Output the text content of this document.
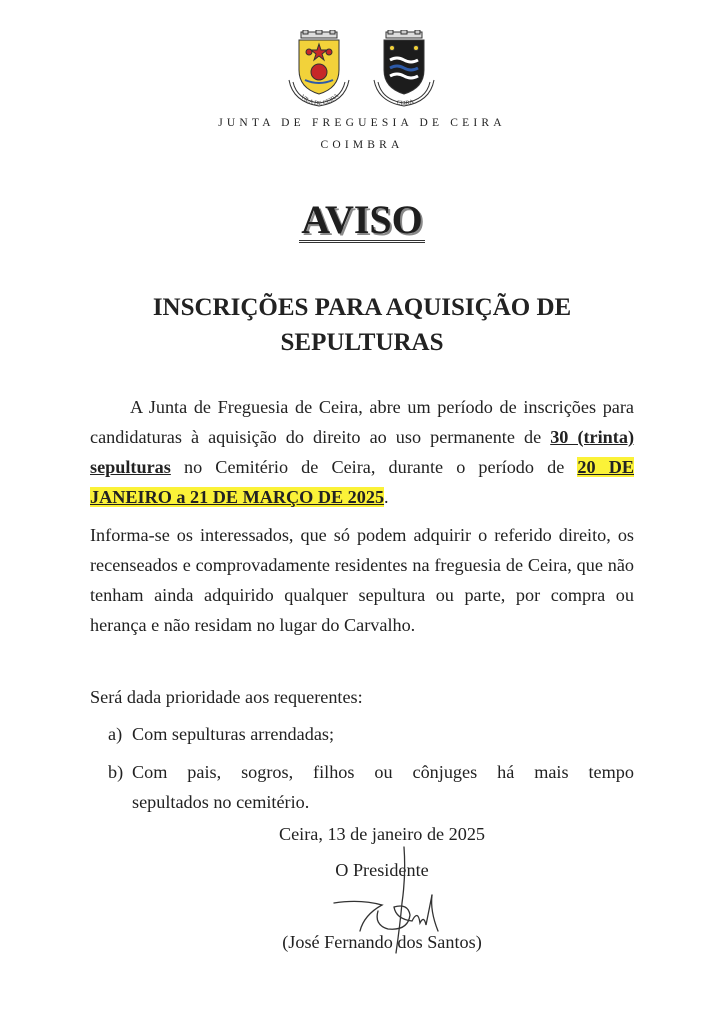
VILA DE CEIRA
CEIRA
JUNTA DE FREGUESIA DE CEIRA
COIMBRA
AVISO
INSCRIÇÕES PARA AQUISIÇÃO DE SEPULTURAS
A Junta de Freguesia de Ceira, abre um período de inscrições para candidaturas à aquisição do direito ao uso permanente de 30 (trinta) sepulturas no Cemitério de Ceira, durante o período de 20 DE JANEIRO a 21 DE MARÇO DE 2025.
Informa-se os interessados, que só podem adquirir o referido direito, os recenseados e comprovadamente residentes na freguesia de Ceira, que não tenham ainda adquirido qualquer sepultura ou parte, por compra ou herança e não residam no lugar do Carvalho.
Será dada prioridade aos requerentes:
a) Com sepulturas arrendadas;
b) Com pais, sogros, filhos ou cônjuges há mais tempo
sepultados no cemitério.
Ceira, 13 de janeiro de 2025
O Presidente
(José Fernando dos Santos)
